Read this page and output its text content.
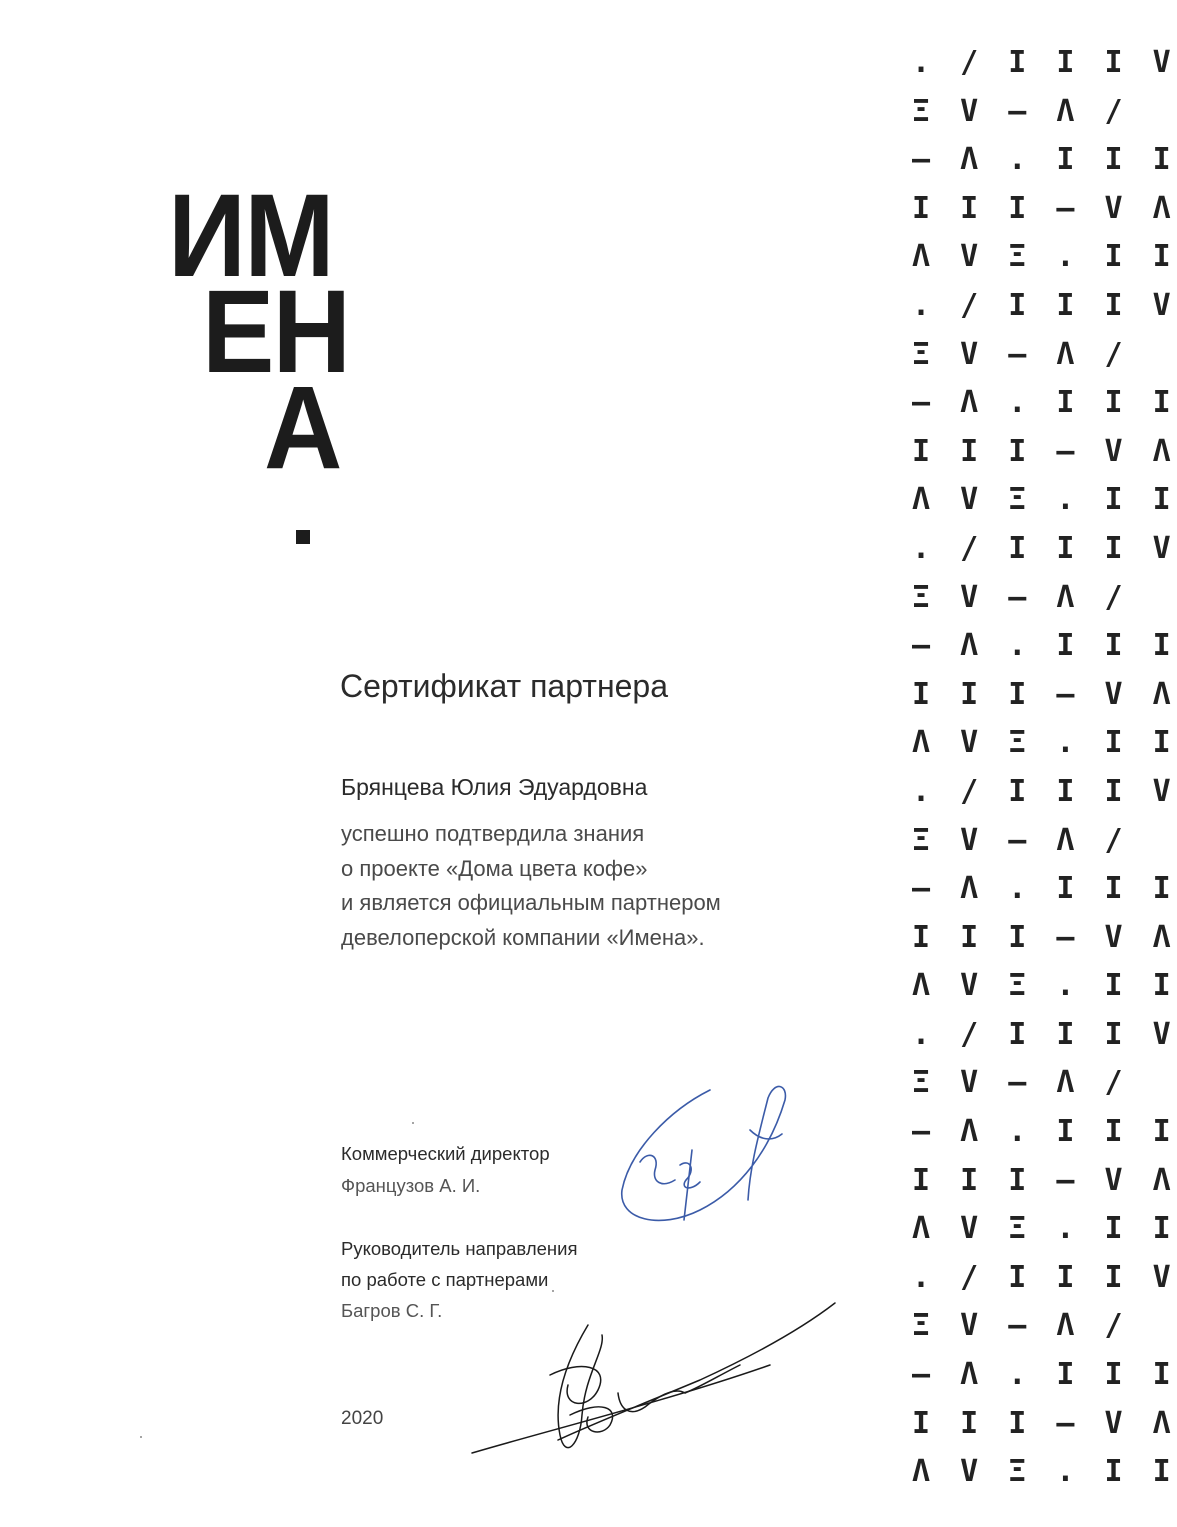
ИМ
ЕН
А
. / I I I V
Ξ V – Λ /
– Λ . I I I
I I I – V Λ
Λ V Ξ . I I
. / I I I V
Ξ V – Λ /
– Λ . I I I
I I I – V Λ
Λ V Ξ . I I
. / I I I V
Ξ V – Λ /
– Λ . I I I
I I I – V Λ
Λ V Ξ . I I
. / I I I V
Ξ V – Λ /
– Λ . I I I
I I I – V Λ
Λ V Ξ . I I
. / I I I V
Ξ V – Λ /
– Λ . I I I
I I I – V Λ
Λ V Ξ . I I
. / I I I V
Ξ V – Λ /
– Λ . I I I
I I I – V Λ
Λ V Ξ . I I
Сертификат партнера
Брянцева Юлия Эдуардовна
успешно подтвердила знания
о проекте «Дома цвета кофе»
и является официальным партнером
девелоперской компании «Имена».
Коммерческий директор
Французов А. И.
Руководитель направления
по работе с партнерами
Багров С. Г.
2020
